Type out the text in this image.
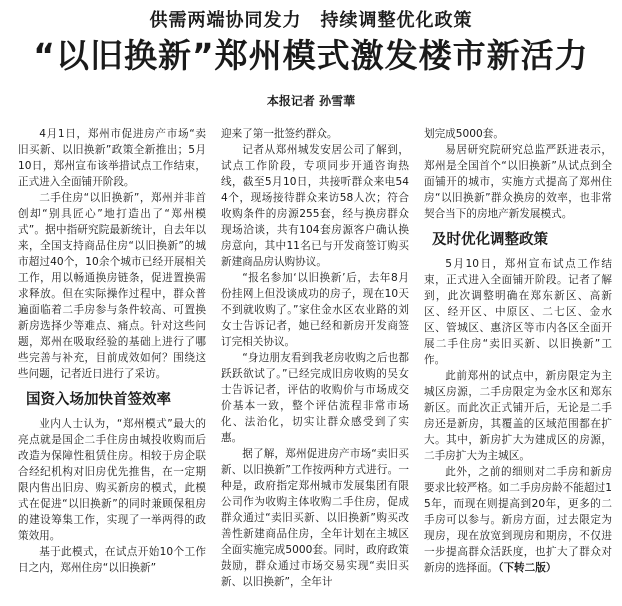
供需两端协同发力　持续调整优化政策
“以旧换新”郑州模式激发楼市新活力
本报记者 孙雪華

4月1日，郑州市促进房产市场“卖旧买新、以旧换新”政策全新推出；5月10日，郑州宣布该举措试点工作结束，正式进入全面铺开阶段。

二手住房“以旧换新”，郑州并非首创却“别具匠心”地打造出了“郑州模式”。据中指研究院最新统计，自去年以来，全国支持商品住房“以旧换新”的城市超过40个，10余个城市已经开展相关工作，用以畅通换房链条，促进置换需求释放。但在实际操作过程中，群众普遍面临着二手房参与条件较高、可置换新房选择少等难点、痛点。针对这些问题，郑州在吸取经验的基础上进行了哪些完善与补充，目前成效如何？围绕这些问题，记者近日进行了采访。

国资入场加快首签效率

业内人士认为，“郑州模式”最大的亮点就是国企二手住房由城投收购而后改造为保障性租赁住房。相较于房企联合经纪机构对旧房优先推售，在一定期限内售出旧房、购买新房的模式，此模式在促进“以旧换新”的同时兼顾保租房的建设筹集工作，实现了一举两得的政策效用。

基于此模式，在试点开始10个工作日之内，郑州住房“以旧换新”

迎来了第一批签约群众。

记者从郑州城发安居公司了解到，试点工作阶段，专项同步开通咨询热线，截至5月10日，共接听群众来电544个，现场接待群众来访58人次；符合收购条件的房源255套，经与换房群众现场洽谈，共有104套房源客户确认换房意向，其中11名已与开发商签订购买新建商品房认购协议。

“报名参加‘以旧换新’后，去年8月份挂网上但没谈成功的房子，现在10天不到就收购了。”家住金水区农业路的刘女士告诉记者，她已经和新房开发商签订完相关协议。

“身边朋友看到我老房收购之后也都跃跃欲试了。”已经完成旧房收购的吴女士告诉记者，评估的收购价与市场成交价基本一致，整个评估流程非常市场化、法治化，切实让群众感受到了实惠。

据了解，郑州促进房产市场“卖旧买新、以旧换新”工作按两种方式进行。一种是，政府指定郑州城市发展集团有限公司作为收购主体收购二手住房，促成群众通过“卖旧买新、以旧换新”购买改善性新建商品住房，全年计划在主城区全面实施完成5000套。同时，政府政策鼓励，群众通过市场交易实现“卖旧买新、以旧换新”，全年计

划完成5000套。

易居研究院研究总监严跃进表示，郑州是全国首个“以旧换新”从试点到全面铺开的城市，实施方式提高了郑州住房“以旧换新”群众换房的效率，也非常契合当下的房地产新发展模式。

及时优化调整政策

5月10日，郑州宣布试点工作结束，正式进入全面铺开阶段。记者了解到，此次调整明确在郑东新区、高新区、经开区、中原区、二七区、金水区、管城区、惠济区等市内各区全面开展二手住房“卖旧买新、以旧换新”工作。

此前郑州的试点中，新房限定为主城区房源，二手房限定为金水区和郑东新区。而此次正式铺开后，无论是二手房还是新房，其覆盖的区域范围都在扩大。其中，新房扩大为建成区的房源，二手房扩大为主城区。

此外，之前的细则对二手房和新房要求比较严格。如二手房房龄不能超过15年，而现在则提高到20年，更多的二手房可以参与。新房方面，过去限定为现房，现在放宽到现房和期房，不仅进一步提高群众活跃度，也扩大了群众对新房的选择面。（下转二版）
